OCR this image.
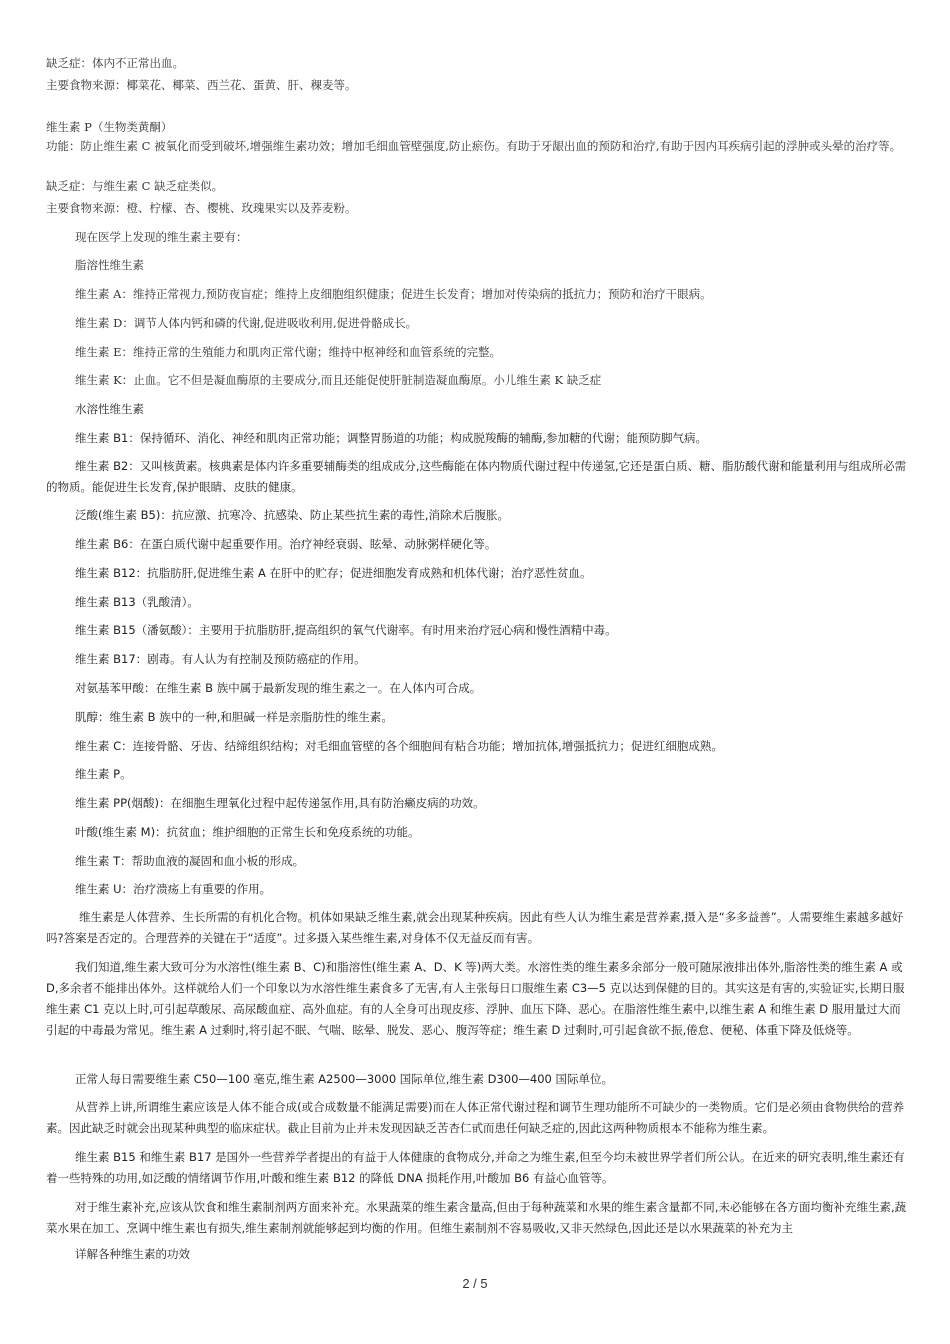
缺乏症：体内不正常出血。

主要食物来源：椰菜花、椰菜、西兰花、蛋黄、肝、稞麦等。

维生素 P（生物类黄酮）

功能：防止维生素 C 被氧化而受到破坏,增强维生素功效；增加毛细血管壁强度,防止瘀伤。有助于牙龈出血的预防和治疗,有助于因内耳疾病引起的浮肿或头晕的治疗等。

缺乏症：与维生素 C 缺乏症类似。

主要食物来源：橙、柠檬、杏、樱桃、玫瑰果实以及荞麦粉。

现在医学上发现的维生素主要有：

脂溶性维生素

维生素 A：维持正常视力,预防夜盲症；维持上皮细胞组织健康；促进生长发育；增加对传染病的抵抗力；预防和治疗干眼病。

维生素 D：调节人体内钙和磷的代谢,促进吸收利用,促进骨骼成长。

维生素 E：维持正常的生殖能力和肌肉正常代谢；维持中枢神经和血管系统的完整。

维生素 K：止血。它不但是凝血酶原的主要成分,而且还能促使肝脏制造凝血酶原。小儿维生素 K 缺乏症

水溶性维生素

维生素 B1：保持循环、消化、神经和肌肉正常功能；调整胃肠道的功能；构成脱羧酶的辅酶,参加糖的代谢；能预防脚气病。

维生素 B2：又叫核黄素。核典素是体内许多重要辅酶类的组成成分,这些酶能在体内物质代谢过程中传递氢,它还是蛋白质、糖、脂肪酸代谢和能量利用与组成所必需的物质。能促进生长发育,保护眼睛、皮肤的健康。

泛酸(维生素 B5)：抗应激、抗寒冷、抗感染、防止某些抗生素的毒性,消除术后腹胀。

维生素 B6：在蛋白质代谢中起重要作用。治疗神经衰弱、眩晕、动脉粥样硬化等。

维生素 B12：抗脂肪肝,促进维生素 A 在肝中的贮存；促进细胞发育成熟和机体代谢；治疗恶性贫血。

维生素 B13（乳酸清）。

维生素 B15（潘氨酸）：主要用于抗脂肪肝,提高组织的氧气代谢率。有时用来治疗冠心病和慢性酒精中毒。

维生素 B17：剧毒。有人认为有控制及预防癌症的作用。

对氨基苯甲酸：在维生素 B 族中属于最新发现的维生素之一。在人体内可合成。

肌醇：维生素 B 族中的一种,和胆碱一样是亲脂肪性的维生素。

维生素 C：连接骨骼、牙齿、结缔组织结构；对毛细血管壁的各个细胞间有粘合功能；增加抗体,增强抵抗力；促进红细胞成熟。

维生素 P。

维生素 PP(烟酸)：在细胞生理氧化过程中起传递氢作用,具有防治癞皮病的功效。

叶酸(维生素 M)：抗贫血；维护细胞的正常生长和免疫系统的功能。

维生素 T：帮助血液的凝固和血小板的形成。

维生素 U：治疗溃疡上有重要的作用。

维生素是人体营养、生长所需的有机化合物。机体如果缺乏维生素,就会出现某种疾病。因此有些人认为维生素是营养素,摄入是“多多益善”。人需要维生素越多越好吗?答案是否定的。合理营养的关键在于“适度”。过多摄入某些维生素,对身体不仅无益反而有害。

我们知道,维生素大致可分为水溶性(维生素 B、C)和脂溶性(维生素 A、D、K 等)两大类。水溶性类的维生素多余部分一般可随尿液排出体外,脂溶性类的维生素 A 或 D,多余者不能排出体外。这样就给人们一个印象以为水溶性维生素食多了无害,有人主张每日口服维生素 C3—5 克以达到保健的目的。其实这是有害的,实验证实,长期日服维生素 C1 克以上时,可引起草酸尿、高尿酸血症、高外血症。有的人全身可出现皮疹、浮肿、血压下降、恶心。在脂溶性维生素中,以维生素 A 和维生素 D 服用量过大而引起的中毒最为常见。维生素 A 过剩时,将引起不眠、气喘、眩晕、脱发、恶心、腹泻等症；维生素 D 过剩时,可引起食欲不振,倦怠、便秘、体重下降及低烧等。

正常人每日需要维生素 C50—100 毫克,维生素 A2500—3000 国际单位,维生素 D300—400 国际单位。

从营养上讲,所谓维生素应该是人体不能合成(或合成数量不能满足需要)而在人体正常代谢过程和调节生理功能所不可缺少的一类物质。它们是必须由食物供给的营养素。因此缺乏时就会出现某种典型的临床症状。截止目前为止并未发现因缺乏苦杏仁甙而患任何缺乏症的,因此这两种物质根本不能称为维生素。

维生素 B15 和维生素 B17 是国外一些营养学者提出的有益于人体健康的食物成分,并命之为维生素,但至今均未被世界学者们所公认。在近来的研究表明,维生素还有着一些特殊的功用,如泛酸的情绪调节作用,叶酸和维生素 B12 的降低 DNA 损耗作用,叶酸加 B6 有益心血管等。

对于维生素补充,应该从饮食和维生素制剂两方面来补充。水果蔬菜的维生素含量高,但由于每种蔬菜和水果的维生素含量都不同,未必能够在各方面均衡补充维生素,蔬菜水果在加工、烹调中维生素也有损失,维生素制剂就能够起到均衡的作用。但维生素制剂不容易吸收,又非天然绿色,因此还是以水果蔬菜的补充为主

详解各种维生素的功效

2 / 5
